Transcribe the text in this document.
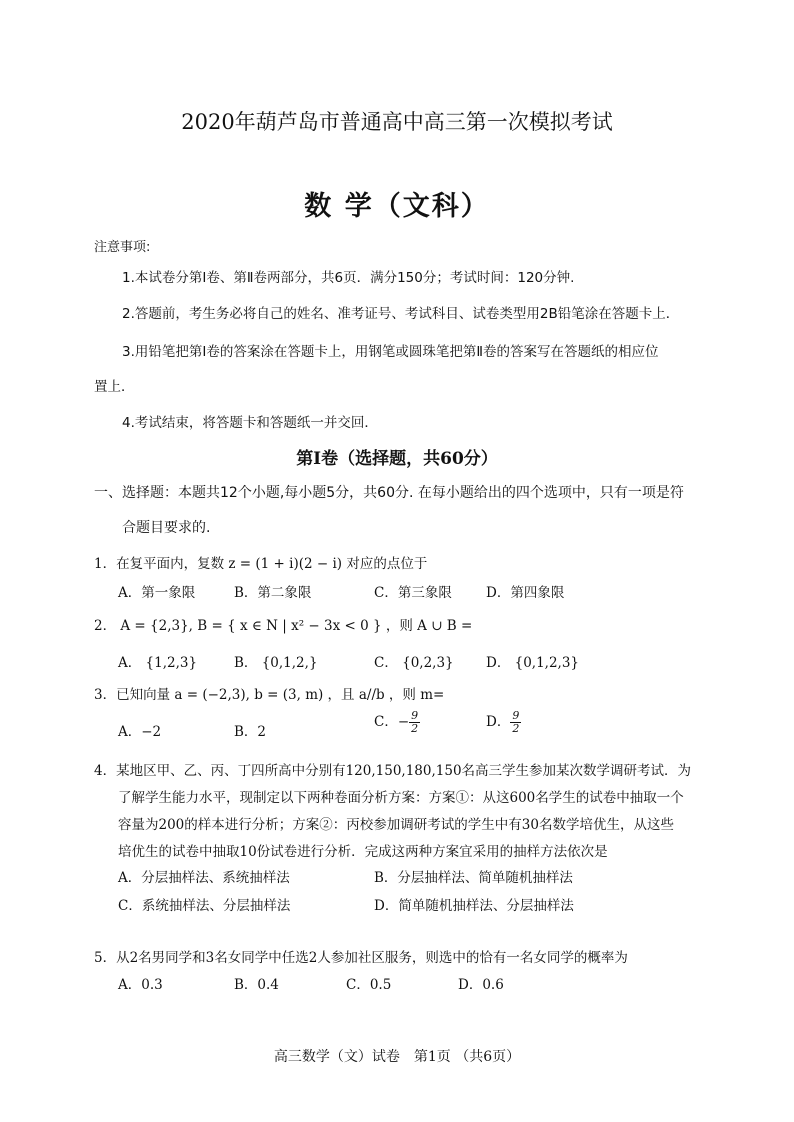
2020年葫芦岛市普通高中高三第一次模拟考试
数 学（文科）
注意事项:
1.本试卷分第Ⅰ卷、第Ⅱ卷两部分，共6页．满分150分；考试时间：120分钟.
2.答题前，考生务必将自己的姓名、准考证号、考试科目、试卷类型用2B铅笔涂在答题卡上．
3.用铅笔把第Ⅰ卷的答案涂在答题卡上，用钢笔或圆珠笔把第Ⅱ卷的答案写在答题纸的相应位
置上．
4.考试结束，将答题卡和答题纸一并交回．
第Ⅰ卷（选择题，共60分）
一、选择题：本题共12个小题,每小题5分，共60分. 在每小题给出的四个选项中，只有一项是符
合题目要求的.
1．在复平面内，复数 z = (1 + i)(2 − i) 对应的点位于
A．第一象限	B．第二象限	C．第三象限	D．第四象限
2． A = {2,3}, B = { x ∈ N | x² − 3x < 0 } ，则 A ∪ B =
A． {1,2,3}	B． {0,1,2,}	C． {0,2,3} D． {0,1,2,3}
3．已知向量 a = (−2,3), b = (3, m) ，且 a//b ，则 m=
A．−2	B．2
C．− $\frac{9}{2}$	D． $\frac{9}{2}$
4．某地区甲、乙、丙、丁四所高中分别有120,150,180,150名高三学生参加某次数学调研考试．为
了解学生能力水平，现制定以下两种卷面分析方案：方案①：从这600名学生的试卷中抽取一个
容量为200的样本进行分析；方案②：丙校参加调研考试的学生中有30名数学培优生，从这些
培优生的试卷中抽取10份试卷进行分析．完成这两种方案宜采用的抽样方法依次是
A．分层抽样法、系统抽样法	B．分层抽样法、简单随机抽样法
C．系统抽样法、分层抽样法	D．简单随机抽样法、分层抽样法
5．从2名男同学和3名女同学中任选2人参加社区服务，则选中的恰有一名女同学的概率为
A．0.3	B．0.4	C．0.5	D．0.6
高三数学（文）试卷　第1页 （共6页）
